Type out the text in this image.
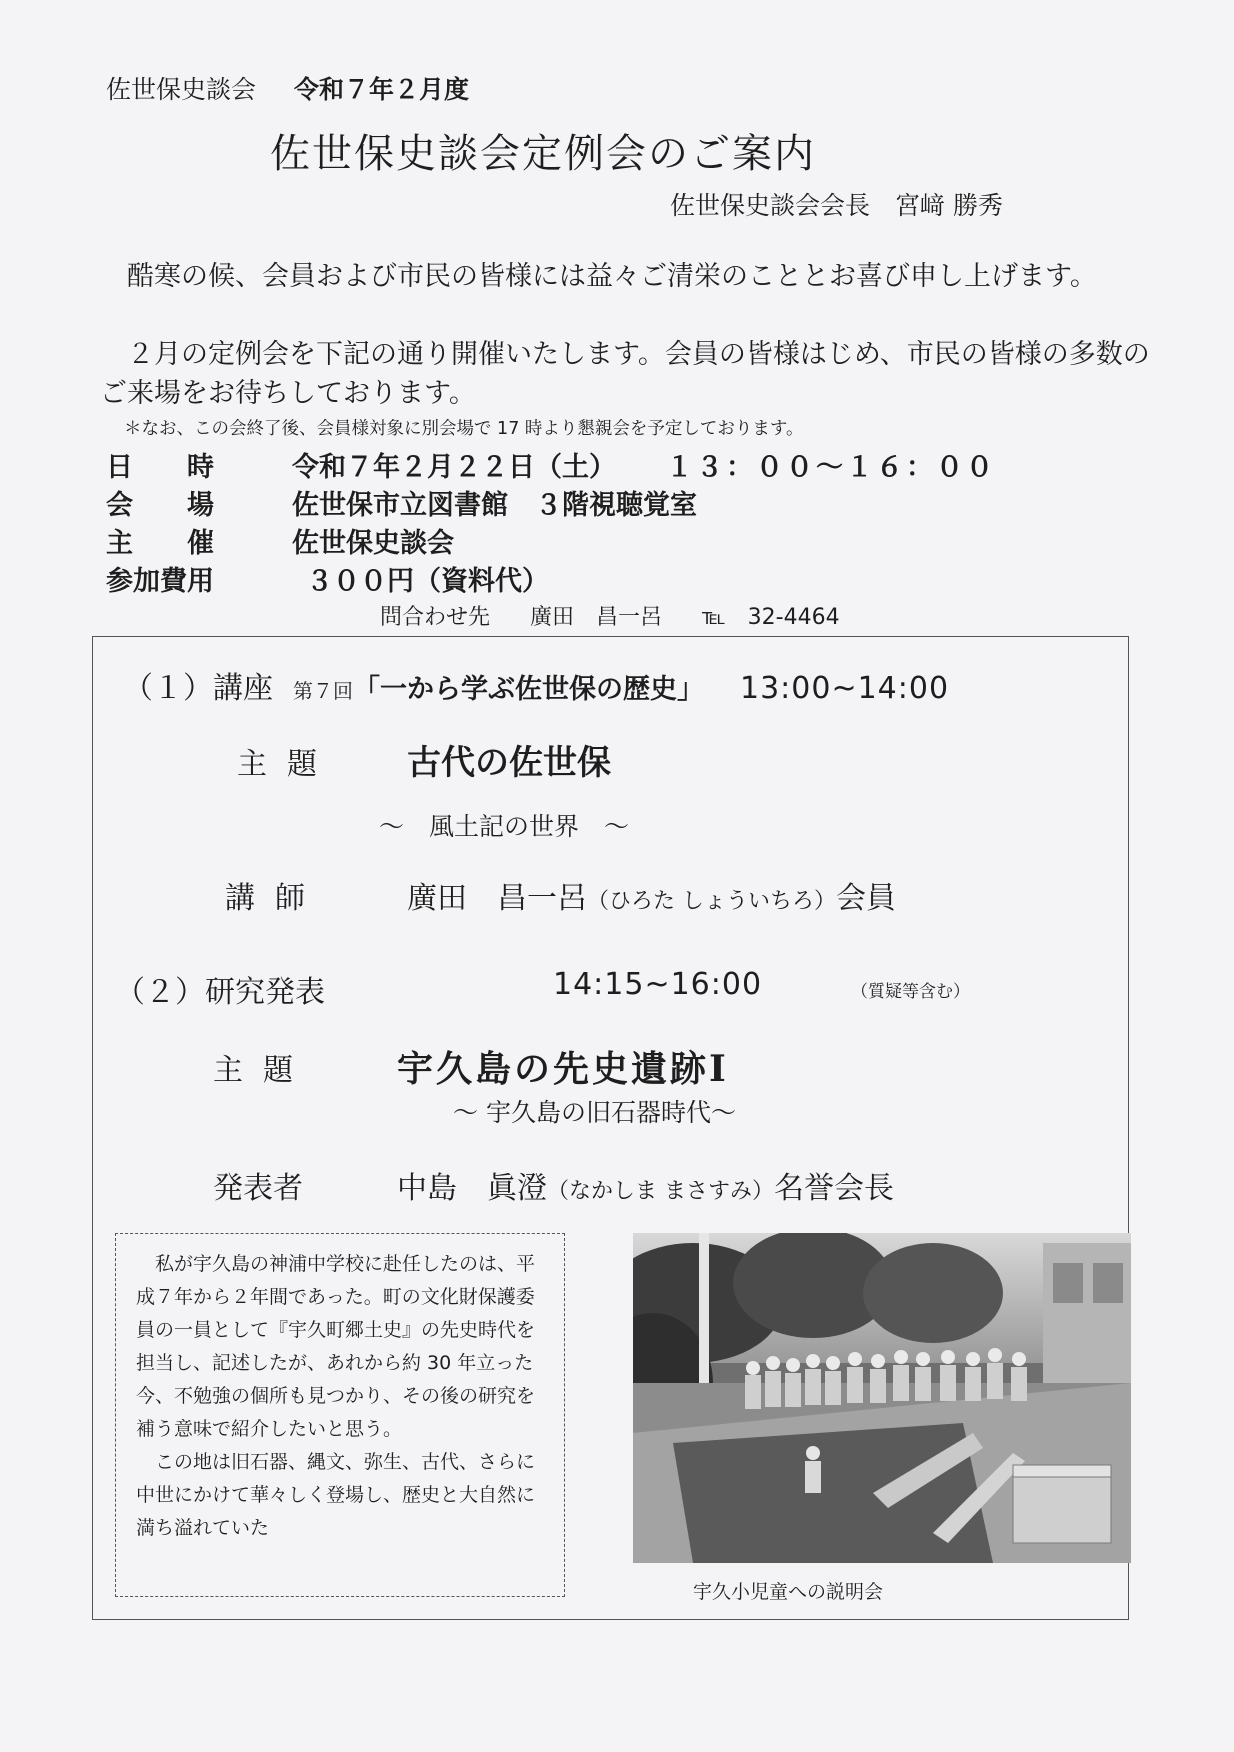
佐世保史談会 令和７年２月度
佐世保史談会定例会のご案内
佐世保史談会会長　宮﨑 勝秀
　酷寒の候、会員および市民の皆様には益々ご清栄のこととお喜び申し上げます。
　２月の定例会を下記の通り開催いたします。会員の皆様はじめ、市民の皆様の多数のご来場をお待ちしております。
＊なお、この会終了後、会員様対象に別会場で 17 時より懇親会を予定しております。
日　　時	令和７年２月２２日（土） １３：００～１６：００
会　　場	佐世保市立図書館　３階視聴覚室
主　　催	佐世保史談会
参加費用	３００円（資料代）
問合わせ先 廣田　昌一呂 ℡　32-4464
（１）講座 第７回「一から学ぶ佐世保の歴史」 13:00~14:00
主題 古代の佐世保
～　風土記の世界　～
講師	廣田　昌一呂（ひろた しょういちろ）会員
（２）研究発表	14:15~16:00	（質疑等含む）
主題 宇久島の先史遺跡Ⅰ
～ 宇久島の旧石器時代～
発表者	中島　眞澄（なかしま まさすみ）名誉会長

私が宇久島の神浦中学校に赴任したのは、平成７年から２年間であった。町の文化財保護委員の一員として『宇久町郷土史』の先史時代を担当し、記述したが、あれから約 30 年立った今、不勉強の個所も見つかり、その後の研究を補う意味で紹介したいと思う。

この地は旧石器、縄文、弥生、古代、さらに中世にかけて華々しく登場し、歴史と大自然に満ち溢れていた

宇久小児童への説明会
